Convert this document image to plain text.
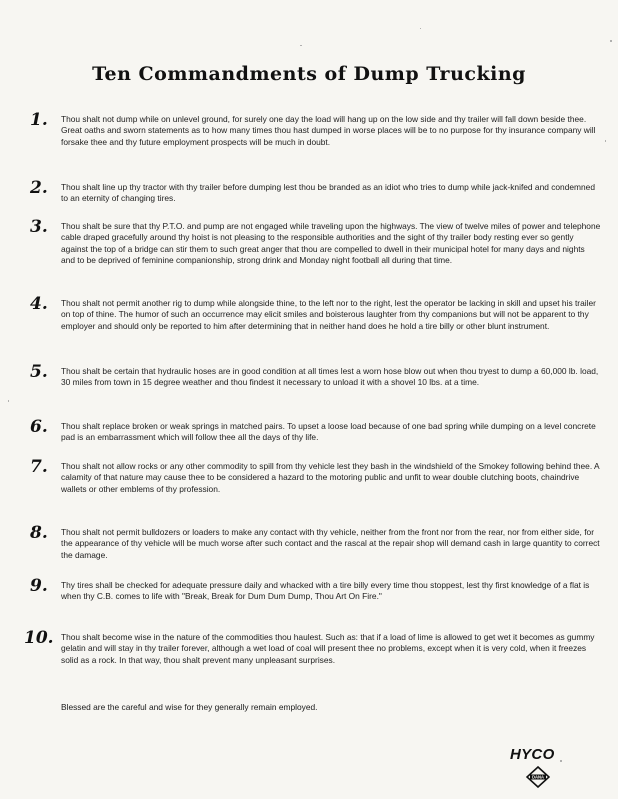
Ten Commandments of Dump Trucking
1. Thou shalt not dump while on unlevel ground, for surely one day the load will hang up on the low side and thy trailer will fall down beside thee. Great oaths and sworn statements as to how many times thou hast dumped in worse places will be to no purpose for thy insurance company will forsake thee and thy future employment prospects will be much in doubt.
2. Thou shalt line up thy tractor with thy trailer before dumping lest thou be branded as an idiot who tries to dump while jack-knifed and condemned to an eternity of changing tires.
3. Thou shalt be sure that thy P.T.O. and pump are not engaged while traveling upon the highways. The view of twelve miles of power and telephone cable draped gracefully around thy hoist is not pleasing to the responsible authorities and the sight of thy trailer body resting ever so gently against the top of a bridge can stir them to such great anger that thou are compelled to dwell in their municipal hotel for many days and nights and to be deprived of feminine companionship, strong drink and Monday night football all during that time.
4. Thou shalt not permit another rig to dump while alongside thine, to the left nor to the right, lest the operator be lacking in skill and upset his trailer on top of thine. The humor of such an occurrence may elicit smiles and boisterous laughter from thy companions but will not be apparent to thy employer and should only be reported to him after determining that in neither hand does he hold a tire billy or other blunt instrument.
5. Thou shalt be certain that hydraulic hoses are in good condition at all times lest a worn hose blow out when thou tryest to dump a 60,000 lb. load, 30 miles from town in 15 degree weather and thou findest it necessary to unload it with a shovel 10 lbs. at a time.
6. Thou shalt replace broken or weak springs in matched pairs. To upset a loose load because of one bad spring while dumping on a level concrete pad is an embarrassment which will follow thee all the days of thy life.
7. Thou shalt not allow rocks or any other commodity to spill from thy vehicle lest they bash in the windshield of the Smokey following behind thee. A calamity of that nature may cause thee to be considered a hazard to the motoring public and unfit to wear double clutching boots, chaindrive wallets or other emblems of thy profession.
8. Thou shalt not permit bulldozers or loaders to make any contact with thy vehicle, neither from the front nor from the rear, nor from either side, for the appearance of thy vehicle will be much worse after such contact and the rascal at the repair shop will demand cash in large quantity to correct the damage.
9. Thy tires shall be checked for adequate pressure daily and whacked with a tire billy every time thou stoppest, lest thy first knowledge of a flat is when thy C.B. comes to life with "Break, Break for Dum Dum Dump, Thou Art On Fire."
10. Thou shalt become wise in the nature of the commodities thou haulest. Such as: that if a load of lime is allowed to get wet it becomes as gummy gelatin and will stay in thy trailer forever, although a wet load of coal will present thee no problems, except when it is very cold, when it freezes solid as a rock. In that way, thou shalt prevent many unpleasant surprises.
Blessed are the careful and wise for they generally remain employed.
HYCO
DANA
